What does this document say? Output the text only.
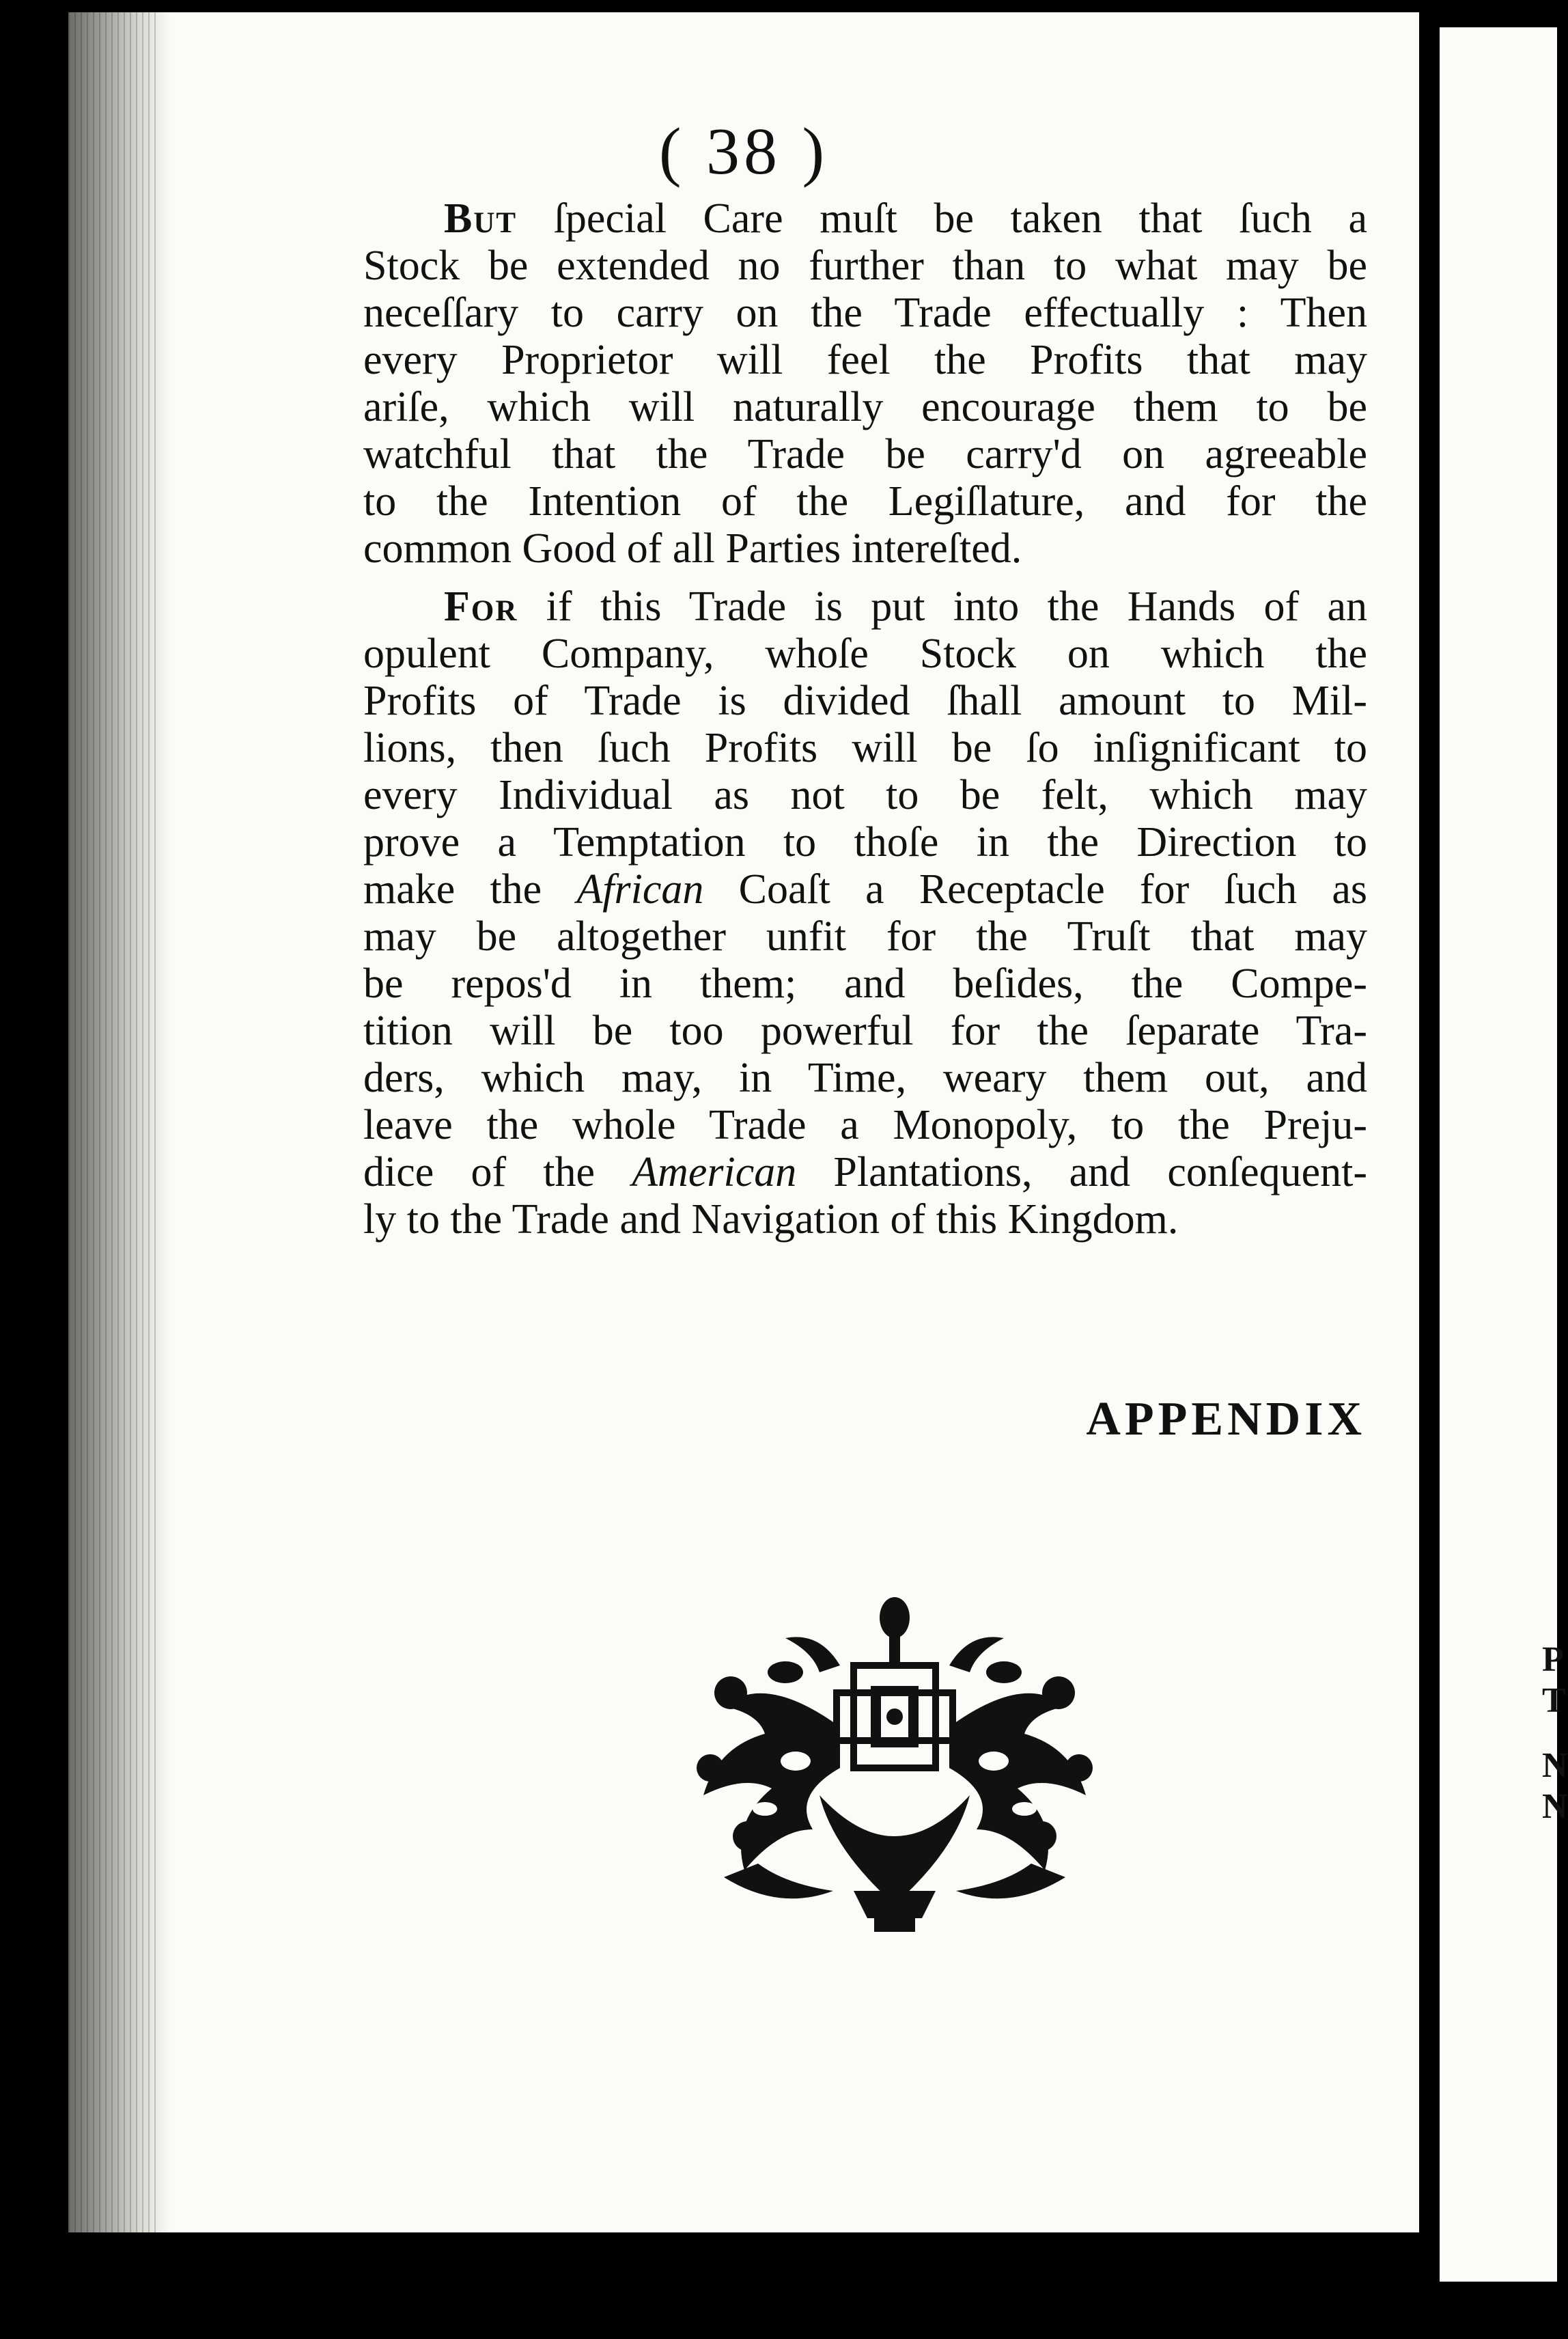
( 38 )
But ſpecial Care muſt be taken that ſuch a
Stock be extended no further than to what may be
neceſſary to carry on the Trade effectually : Then
every Proprietor will feel the Profits that may
ariſe, which will naturally encourage them to be
watchful that the Trade be carry'd on agreeable
to the Intention of the Legiſlature, and for the
common Good of all Parties intereſted.
For if this Trade is put into the Hands of an
opulent Company, whoſe Stock on which the
Profits of Trade is divided ſhall amount to Mil-
lions, then ſuch Profits will be ſo inſignificant to
every Individual as not to be felt, which may
prove a Temptation to thoſe in the Direction to
make the African Coaſt a Receptacle for ſuch as
may be altogether unfit for the Truſt that may
be repos'd in them; and beſides, the Compe-
tition will be too powerful for the ſeparate Tra-
ders, which may, in Time, weary them out, and
leave the whole Trade a Monopoly, to the Preju-
dice of the American Plantations, and conſequent-
ly to the Trade and Navigation of this Kingdom.
APPENDIX
P
T
N
N
